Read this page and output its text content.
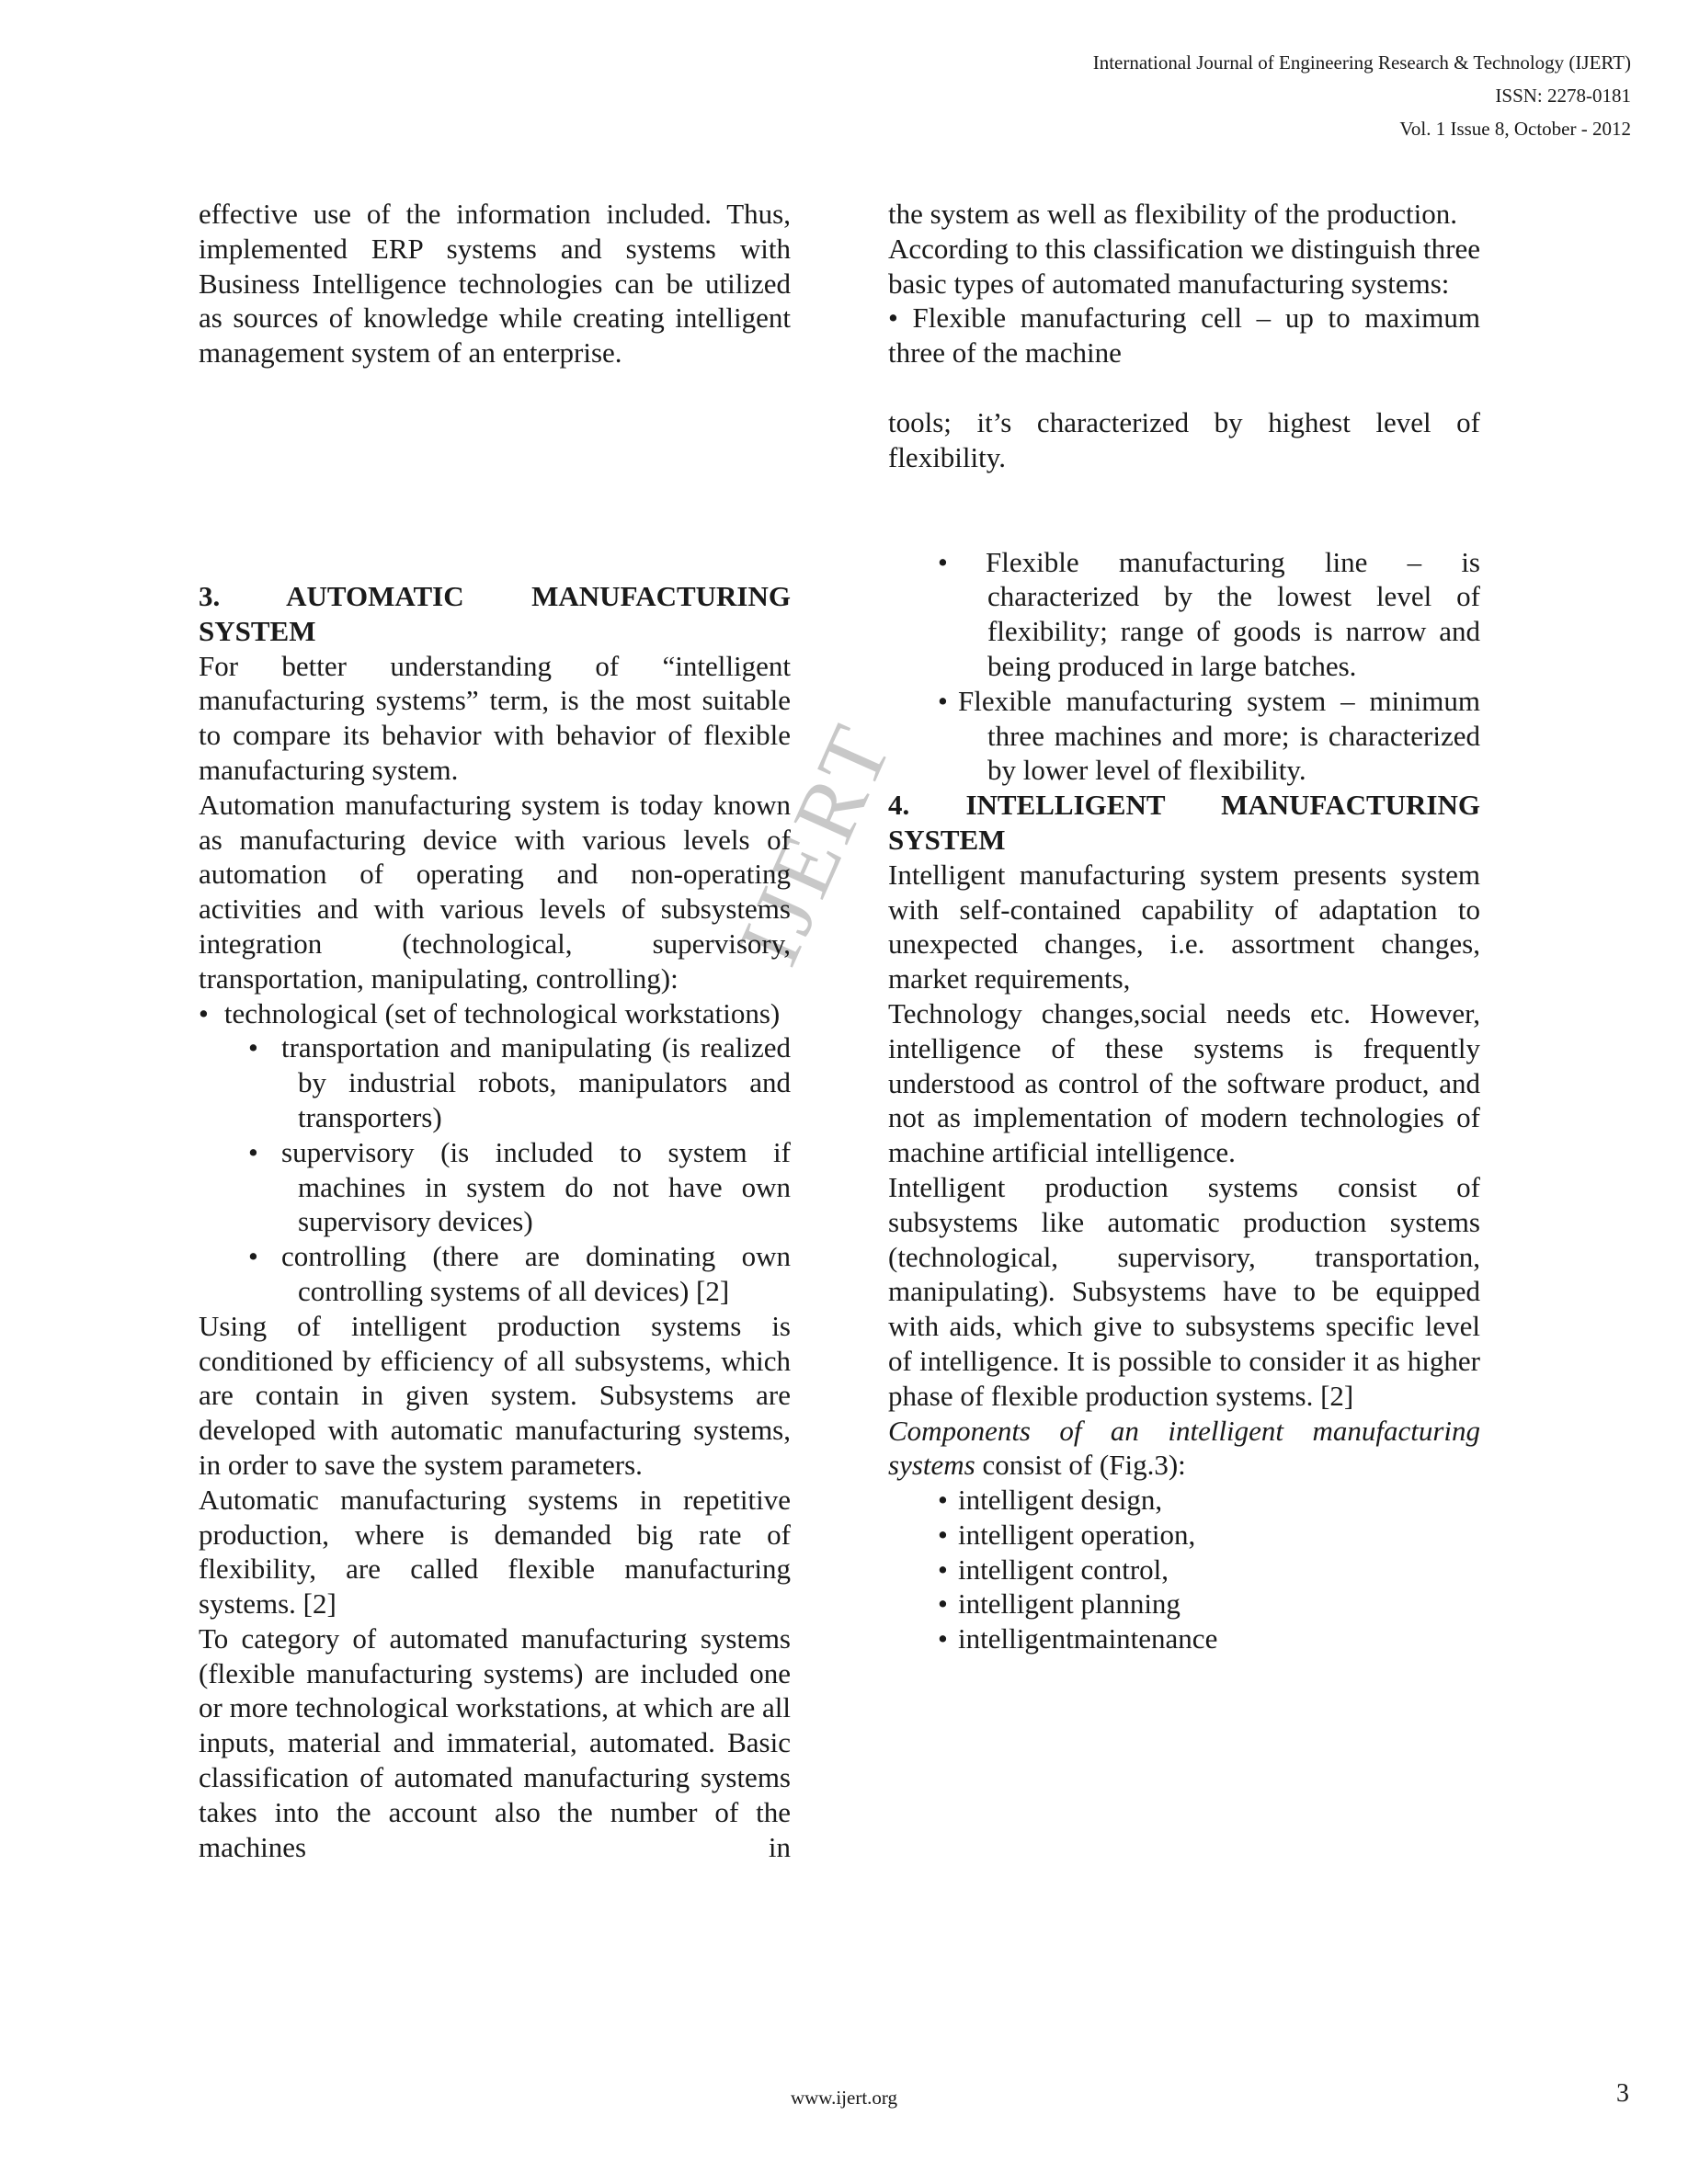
International Journal of Engineering Research & Technology (IJERT)
ISSN: 2278-0181
Vol. 1 Issue 8, October - 2012
IJERT

effective use of the information included. Thus, implemented ERP systems and systems with Business Intelligence technologies can be utilized as sources of knowledge while creating intelligent management system of an enterprise.

3. AUTOMATIC MANUFACTURING
SYSTEM

For better understanding of “intelligent manufacturing systems” term, is the most suitable to compare its behavior with behavior of flexible manufacturing system.

Automation manufacturing system is today known as manufacturing device with various levels of automation of operating and non-operating activities and with various levels of subsystems integration (technological, supervisory, transportation, manipulating, controlling):

• technological (set of technological workstations)

• transportation and manipulating (is realized by industrial robots, manipulators and transporters)

• supervisory (is included to system if machines in system do not have own supervisory devices)

• controlling (there are dominating own controlling systems of all devices) [2]

Using of intelligent production systems is conditioned by efficiency of all subsystems, which are contain in given system. Subsystems are developed with automatic manufacturing systems, in order to save the system parameters.

Automatic manufacturing systems in repetitive production, where is demanded big rate of flexibility, are called flexible manufacturing systems. [2]

To category of automated manufacturing systems (flexible manufacturing systems) are included one or more technological workstations, at which are all inputs, material and immaterial, automated. Basic classification of automated manufacturing systems takes into the account also the number of the machines in

the system as well as flexibility of the production.

According to this classification we distinguish three basic types of automated manufacturing systems:

• Flexible manufacturing cell – up to maximum three of the machine

tools; it’s characterized by highest level of flexibility.

• Flexible manufacturing line – is characterized by the lowest level of flexibility; range of goods is narrow and being produced in large batches.

• Flexible manufacturing system – minimum three machines and more; is characterized by lower level of flexibility.

4. INTELLIGENT MANUFACTURING
SYSTEM

Intelligent manufacturing system presents system with self-contained capability of adaptation to unexpected changes, i.e. assortment changes, market requirements,

Technology changes,social needs etc. However, intelligence of these systems is frequently understood as control of the software product, and not as implementation of modern technologies of machine artificial intelligence.

Intelligent production systems consist of subsystems like automatic production systems (technological, supervisory, transportation, manipulating). Subsystems have to be equipped with aids, which give to subsystems specific level of intelligence. It is possible to consider it as higher phase of flexible production systems. [2]

Components of an intelligent manufacturing systems consist of (Fig.3):

• intelligent design,
• intelligent operation,
• intelligent control,
• intelligent planning
• intelligentmaintenance
www.ijert.org	3
